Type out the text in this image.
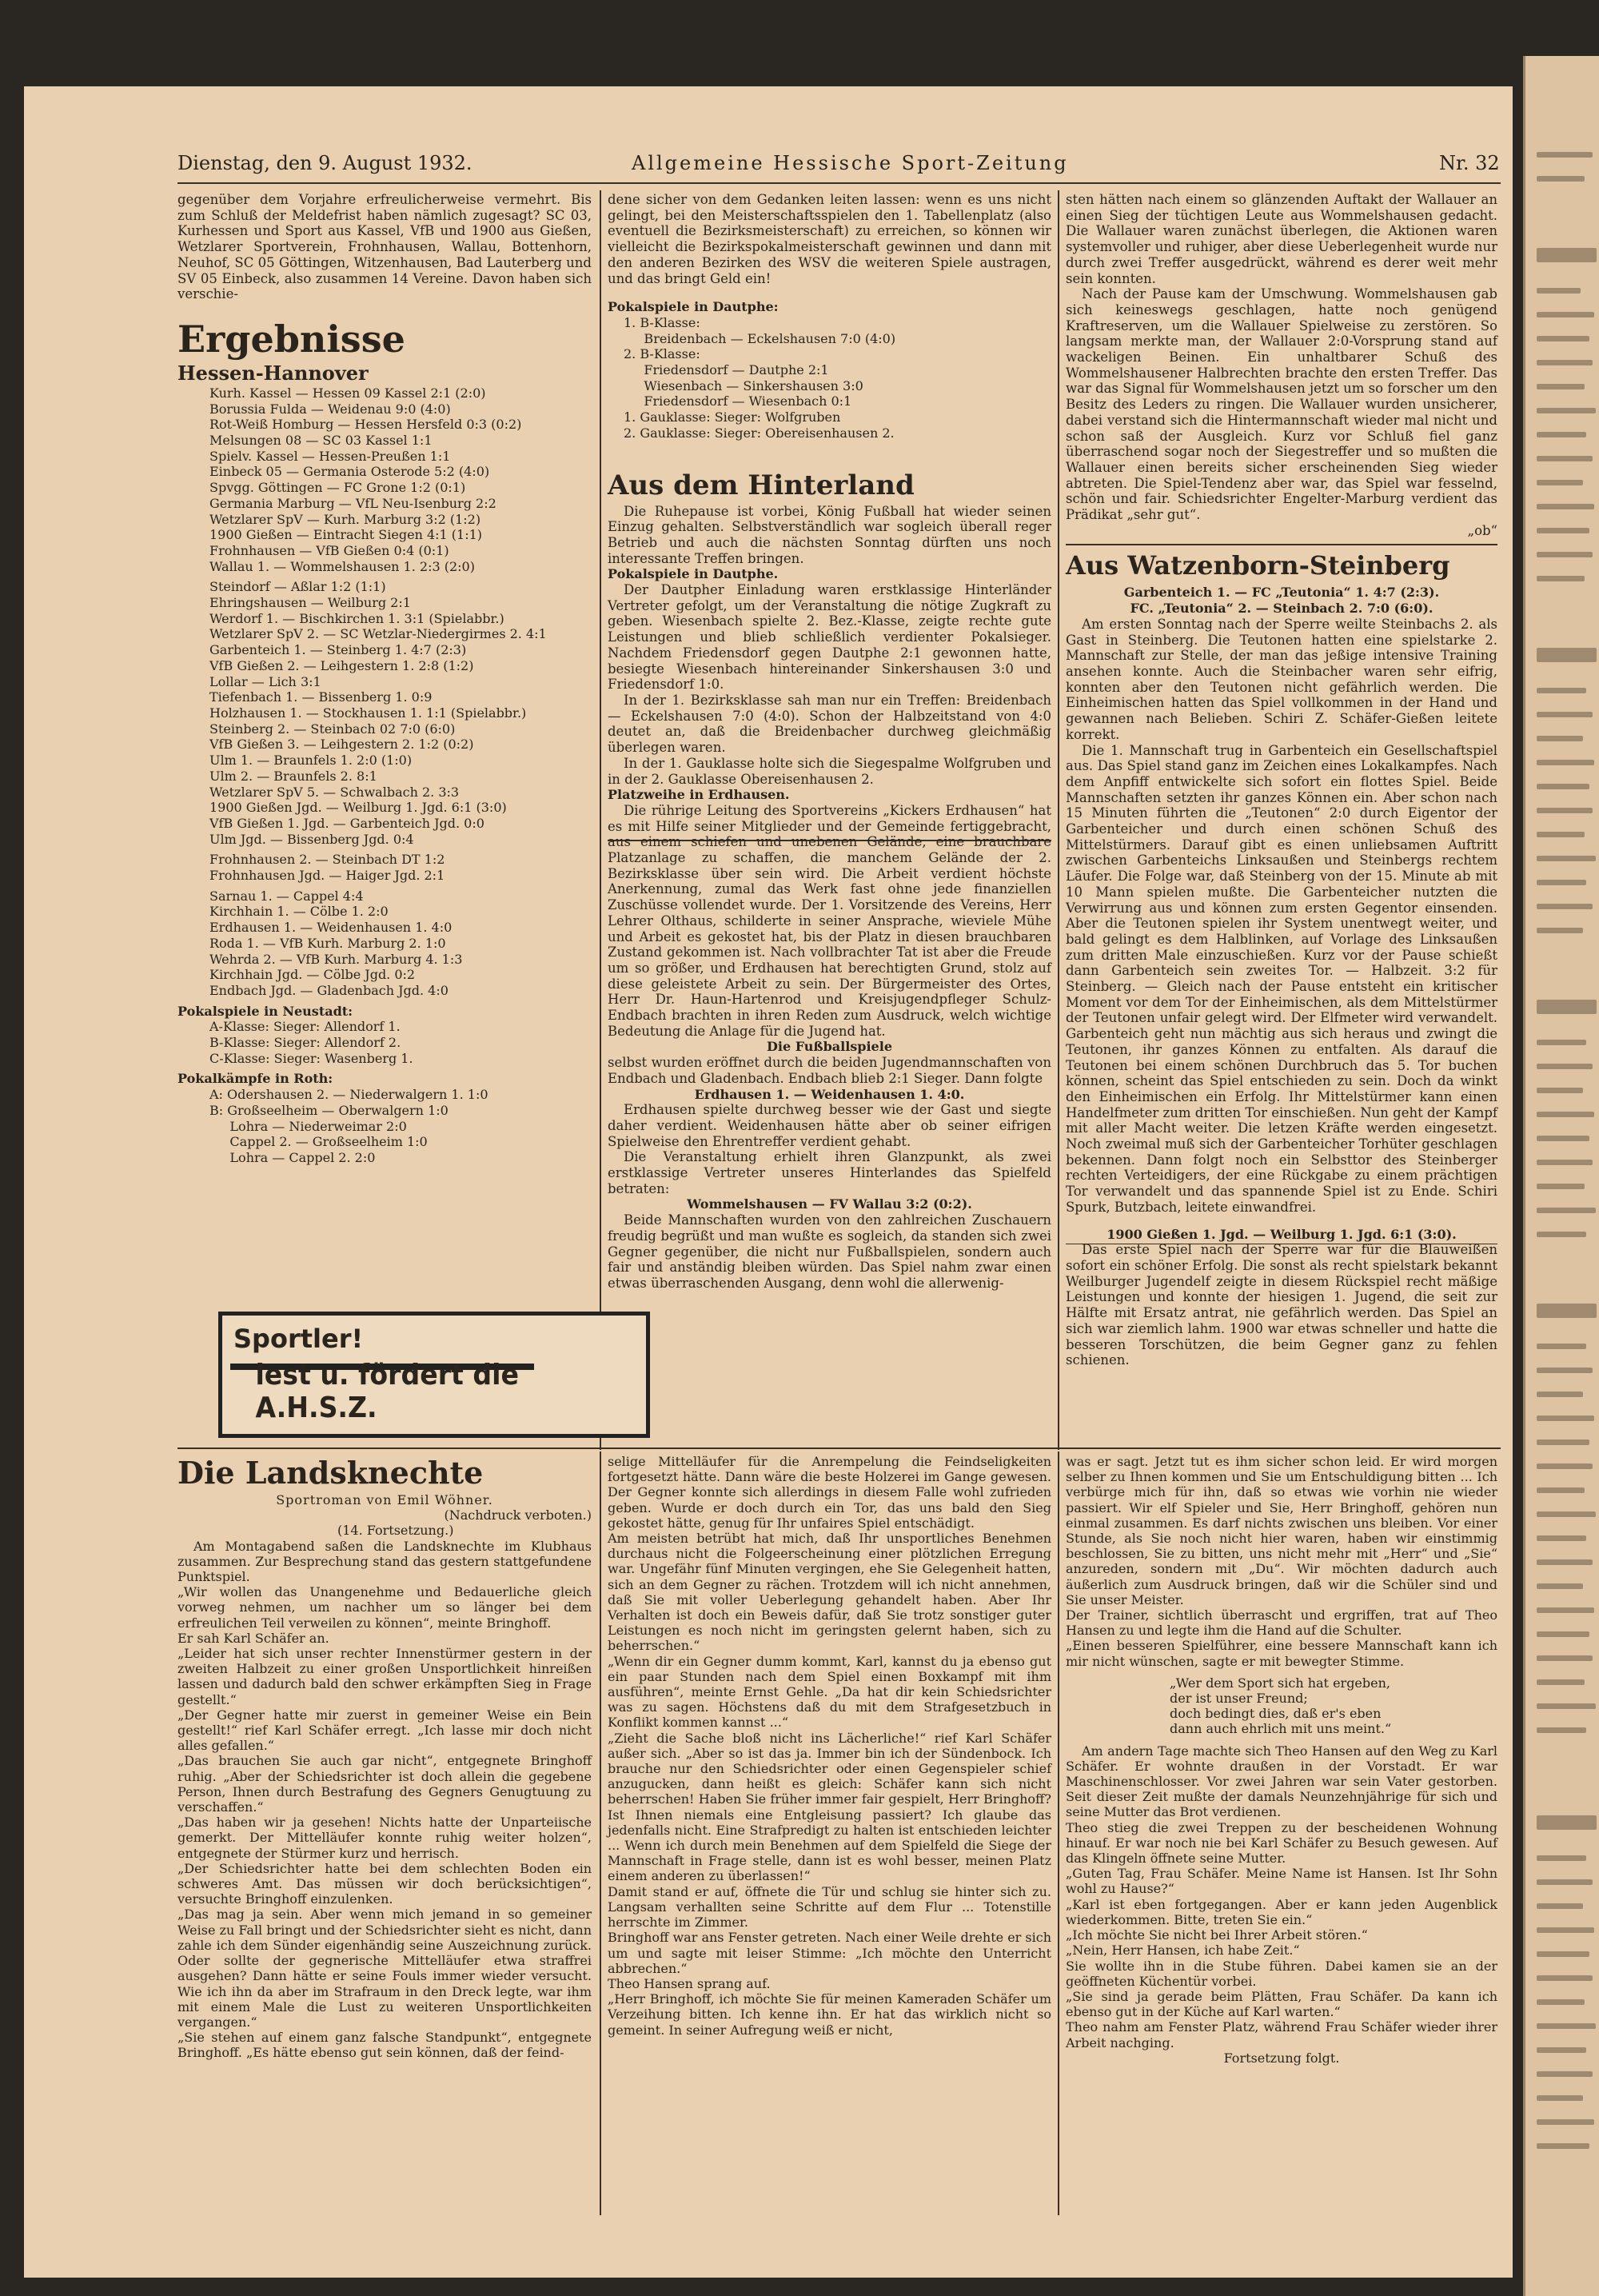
Dienstag, den 9. August 1932.	Allgemeine Hessische Sport-Zeitung	Nr. 32

gegenüber dem Vorjahre erfreulicherweise vermehrt. Bis zum Schluß der Meldefrist haben nämlich zugesagt? SC 03, Kurhessen und Sport aus Kassel, VfB und 1900 aus Gießen, Wetzlarer Sportverein, Frohnhausen, Wallau, Bottenhorn, Neuhof, SC 05 Göttingen, Witzenhausen, Bad Lauterberg und SV 05 Einbeck, also zusammen 14 Vereine. Davon haben sich verschie-

Ergebnisse
Hessen-Hannover
Kurh. Kassel — Hessen 09 Kassel 2:1 (2:0)
Borussia Fulda — Weidenau 9:0 (4:0)
Rot-Weiß Homburg — Hessen Hersfeld 0:3 (0:2)
Melsungen 08 — SC 03 Kassel 1:1
Spielv. Kassel — Hessen-Preußen 1:1
Einbeck 05 — Germania Osterode 5:2 (4:0)
Spvgg. Göttingen — FC Grone 1:2 (0:1)
Germania Marburg — VfL Neu-Isenburg 2:2
Wetzlarer SpV — Kurh. Marburg 3:2 (1:2)
1900 Gießen — Eintracht Siegen 4:1 (1:1)
Frohnhausen — VfB Gießen 0:4 (0:1)
Wallau 1. — Wommelshausen 1. 2:3 (2:0)
Steindorf — Aßlar 1:2 (1:1)
Ehringshausen — Weilburg 2:1
Werdorf 1. — Bischkirchen 1. 3:1 (Spielabbr.)
Wetzlarer SpV 2. — SC Wetzlar-Niedergirmes 2. 4:1
Garbenteich 1. — Steinberg 1. 4:7 (2:3)
VfB Gießen 2. — Leihgestern 1. 2:8 (1:2)
Lollar — Lich 3:1
Tiefenbach 1. — Bissenberg 1. 0:9
Holzhausen 1. — Stockhausen 1. 1:1 (Spielabbr.)
Steinberg 2. — Steinbach 02 7:0 (6:0)
VfB Gießen 3. — Leihgestern 2. 1:2 (0:2)
Ulm 1. — Braunfels 1. 2:0 (1:0)
Ulm 2. — Braunfels 2. 8:1
Wetzlarer SpV 5. — Schwalbach 2. 3:3
1900 Gießen Jgd. — Weilburg 1. Jgd. 6:1 (3:0)
VfB Gießen 1. Jgd. — Garbenteich Jgd. 0:0
Ulm Jgd. — Bissenberg Jgd. 0:4
Frohnhausen 2. — Steinbach DT 1:2
Frohnhausen Jgd. — Haiger Jgd. 2:1
Sarnau 1. — Cappel 4:4
Kirchhain 1. — Cölbe 1. 2:0
Erdhausen 1. — Weidenhausen 1. 4:0
Roda 1. — VfB Kurh. Marburg 2. 1:0
Wehrda 2. — VfB Kurh. Marburg 4. 1:3
Kirchhain Jgd. — Cölbe Jgd. 0:2
Endbach Jgd. — Gladenbach Jgd. 4:0
Pokalspiele in Neustadt:
A-Klasse: Sieger: Allendorf 1.
B-Klasse: Sieger: Allendorf 2.
C-Klasse: Sieger: Wasenberg 1.
Pokalkämpfe in Roth:
A: Odershausen 2. — Niederwalgern 1. 1:0
B: Großseelheim — Oberwalgern 1:0
Lohra — Niederweimar 2:0
Cappel 2. — Großseelheim 1:0
Lohra — Cappel 2. 2:0
Sportler!
lest u. fördert die A.H.S.Z.

dene sicher von dem Gedanken leiten lassen: wenn es uns nicht gelingt, bei den Meisterschaftsspielen den 1. Tabellenplatz (also eventuell die Bezirksmeisterschaft) zu erreichen, so können wir vielleicht die Bezirkspokalmeisterschaft gewinnen und dann mit den anderen Bezirken des WSV die weiteren Spiele austragen, und das bringt Geld ein!

Pokalspiele in Dautphe:
1. B-Klasse:
Breidenbach — Eckelshausen 7:0 (4:0)
2. B-Klasse:
Friedensdorf — Dautphe 2:1
Wiesenbach — Sinkershausen 3:0
Friedensdorf — Wiesenbach 0:1
1. Gauklasse: Sieger: Wolfgruben
2. Gauklasse: Sieger: Obereisenhausen 2.
Aus dem Hinterland

Die Ruhepause ist vorbei, König Fußball hat wieder seinen Einzug gehalten. Selbstverständlich war sogleich überall reger Betrieb und auch die nächsten Sonntag dürften uns noch interessante Treffen bringen.

Pokalspiele in Dautphe.

Der Dautpher Einladung waren erstklassige Hinterländer Vertreter gefolgt, um der Veranstaltung die nötige Zugkraft zu geben. Wiesenbach spielte 2. Bez.-Klasse, zeigte rechte gute Leistungen und blieb schließlich verdienter Pokalsieger. Nachdem Friedensdorf gegen Dautphe 2:1 gewonnen hatte, besiegte Wiesenbach hintereinander Sinkershausen 3:0 und Friedensdorf 1:0.

In der 1. Bezirksklasse sah man nur ein Treffen: Breidenbach — Eckelshausen 7:0 (4:0). Schon der Halbzeitstand von 4:0 deutet an, daß die Breidenbacher durchweg gleichmäßig überlegen waren.

In der 1. Gauklasse holte sich die Siegespalme Wolfgruben und in der 2. Gauklasse Obereisenhausen 2.

Platzweihe in Erdhausen.

Die rührige Leitung des Sportvereins „Kickers Erdhausen“ hat es mit Hilfe seiner Mitglieder und der Gemeinde fertiggebracht, aus einem schiefen und unebenen Gelände, eine brauchbare Platzanlage zu schaffen, die manchem Gelände der 2. Bezirksklasse über sein wird. Die Arbeit verdient höchste Anerkennung, zumal das Werk fast ohne jede finanziellen Zuschüsse vollendet wurde. Der 1. Vorsitzende des Vereins, Herr Lehrer Olthaus, schilderte in seiner Ansprache, wieviele Mühe und Arbeit es gekostet hat, bis der Platz in diesen brauchbaren Zustand gekommen ist. Nach vollbrachter Tat ist aber die Freude um so größer, und Erdhausen hat berechtigten Grund, stolz auf diese geleistete Arbeit zu sein. Der Bürgermeister des Ortes, Herr Dr. Haun-Hartenrod und Kreisjugendpfleger Schulz-Endbach brachten in ihren Reden zum Ausdruck, welch wichtige Bedeutung die Anlage für die Jugend hat.

Die Fußballspiele

selbst wurden eröffnet durch die beiden Jugendmannschaften von Endbach und Gladenbach. Endbach blieb 2:1 Sieger. Dann folgte

Erdhausen 1. — Weidenhausen 1. 4:0.

Erdhausen spielte durchweg besser wie der Gast und siegte daher verdient. Weidenhausen hätte aber ob seiner eifrigen Spielweise den Ehrentreffer verdient gehabt.

Die Veranstaltung erhielt ihren Glanzpunkt, als zwei erstklassige Vertreter unseres Hinterlandes das Spielfeld betraten:

Wommelshausen — FV Wallau 3:2 (0:2).

Beide Mannschaften wurden von den zahlreichen Zuschauern freudig begrüßt und man wußte es sogleich, da standen sich zwei Gegner gegenüber, die nicht nur Fußballspielen, sondern auch fair und anständig bleiben würden. Das Spiel nahm zwar einen etwas überraschenden Ausgang, denn wohl die allerwenig-

sten hätten nach einem so glänzenden Auftakt der Wallauer an einen Sieg der tüchtigen Leute aus Wommelshausen gedacht. Die Wallauer waren zunächst überlegen, die Aktionen waren systemvoller und ruhiger, aber diese Ueberlegenheit wurde nur durch zwei Treffer ausgedrückt, während es derer weit mehr sein konnten.

Nach der Pause kam der Umschwung. Wommelshausen gab sich keineswegs geschlagen, hatte noch genügend Kraftreserven, um die Wallauer Spielweise zu zerstören. So langsam merkte man, der Wallauer 2:0-Vorsprung stand auf wackeligen Beinen. Ein unhaltbarer Schuß des Wommelshausener Halbrechten brachte den ersten Treffer. Das war das Signal für Wommelshausen jetzt um so forscher um den Besitz des Leders zu ringen. Die Wallauer wurden unsicherer, dabei verstand sich die Hintermannschaft wieder mal nicht und schon saß der Ausgleich. Kurz vor Schluß fiel ganz überraschend sogar noch der Siegestreffer und so mußten die Wallauer einen bereits sicher erscheinenden Sieg wieder abtreten. Die Spiel-Tendenz aber war, das Spiel war fesselnd, schön und fair. Schiedsrichter Engelter-Marburg verdient das Prädikat „sehr gut“.

„ob“
Aus Watzenborn-Steinberg
Garbenteich 1. — FC „Teutonia“ 1. 4:7 (2:3).
FC. „Teutonia“ 2. — Steinbach 2. 7:0 (6:0).

Am ersten Sonntag nach der Sperre weilte Steinbachs 2. als Gast in Steinberg. Die Teutonen hatten eine spielstarke 2. Mannschaft zur Stelle, der man das jeßige intensive Training ansehen konnte. Auch die Steinbacher waren sehr eifrig, konnten aber den Teutonen nicht gefährlich werden. Die Einheimischen hatten das Spiel vollkommen in der Hand und gewannen nach Belieben. Schiri Z. Schäfer-Gießen leitete korrekt.

Die 1. Mannschaft trug in Garbenteich ein Gesellschaftspiel aus. Das Spiel stand ganz im Zeichen eines Lokalkampfes. Nach dem Anpfiff entwickelte sich sofort ein flottes Spiel. Beide Mannschaften setzten ihr ganzes Können ein. Aber schon nach 15 Minuten führten die „Teutonen“ 2:0 durch Eigentor der Garbenteicher und durch einen schönen Schuß des Mittelstürmers. Darauf gibt es einen unliebsamen Auftritt zwischen Garbenteichs Linksaußen und Steinbergs rechtem Läufer. Die Folge war, daß Steinberg von der 15. Minute ab mit 10 Mann spielen mußte. Die Garbenteicher nutzten die Verwirrung aus und können zum ersten Gegentor einsenden. Aber die Teutonen spielen ihr System unentwegt weiter, und bald gelingt es dem Halblinken, auf Vorlage des Linksaußen zum dritten Male einzuschießen. Kurz vor der Pause schießt dann Garbenteich sein zweites Tor. — Halbzeit. 3:2 für Steinberg. — Gleich nach der Pause entsteht ein kritischer Moment vor dem Tor der Einheimischen, als dem Mittelstürmer der Teutonen unfair gelegt wird. Der Elfmeter wird verwandelt. Garbenteich geht nun mächtig aus sich heraus und zwingt die Teutonen, ihr ganzes Können zu entfalten. Als darauf die Teutonen bei einem schönen Durchbruch das 5. Tor buchen können, scheint das Spiel entschieden zu sein. Doch da winkt den Einheimischen ein Erfolg. Ihr Mittelstürmer kann einen Handelfmeter zum dritten Tor einschießen. Nun geht der Kampf mit aller Macht weiter. Die letzen Kräfte werden eingesetzt. Noch zweimal muß sich der Garbenteicher Torhüter geschlagen bekennen. Dann folgt noch ein Selbsttor des Steinberger rechten Verteidigers, der eine Rückgabe zu einem prächtigen Tor verwandelt und das spannende Spiel ist zu Ende. Schiri Spurk, Butzbach, leitete einwandfrei.

1900 Gießen 1. Jgd. — Weilburg 1. Jgd. 6:1 (3:0).

Das erste Spiel nach der Sperre war für die Blauweißen sofort ein schöner Erfolg. Die sonst als recht spielstark bekannt Weilburger Jugendelf zeigte in diesem Rückspiel recht mäßige Leistungen und konnte der hiesigen 1. Jugend, die seit zur Hälfte mit Ersatz antrat, nie gefährlich werden. Das Spiel an sich war ziemlich lahm. 1900 war etwas schneller und hatte die besseren Torschützen, die beim Gegner ganz zu fehlen schienen.

Die Landsknechte
Sportroman von Emil Wöhner.
(Nachdruck verboten.)
(14. Fortsetzung.)

Am Montagabend saßen die Landsknechte im Klubhaus zusammen. Zur Besprechung stand das gestern stattgefundene Punktspiel.
„Wir wollen das Unangenehme und Bedauerliche gleich vorweg nehmen, um nachher um so länger bei dem erfreulichen Teil verweilen zu können“, meinte Bringhoff.
Er sah Karl Schäfer an.
„Leider hat sich unser rechter Innenstürmer gestern in der zweiten Halbzeit zu einer großen Unsportlichkeit hinreißen lassen und dadurch bald den schwer erkämpften Sieg in Frage gestellt.“
„Der Gegner hatte mir zuerst in gemeiner Weise ein Bein gestellt!“ rief Karl Schäfer erregt. „Ich lasse mir doch nicht alles gefallen.“
„Das brauchen Sie auch gar nicht“, entgegnete Bringhoff ruhig. „Aber der Schiedsrichter ist doch allein die gegebene Person, Ihnen durch Bestrafung des Gegners Genugtuung zu verschaffen.“
„Das haben wir ja gesehen! Nichts hatte der Unparteiische gemerkt. Der Mittelläufer konnte ruhig weiter holzen“, entgegnete der Stürmer kurz und herrisch.
„Der Schiedsrichter hatte bei dem schlechten Boden ein schweres Amt. Das müssen wir doch berücksichtigen“, versuchte Bringhoff einzulenken.
„Das mag ja sein. Aber wenn mich jemand in so gemeiner Weise zu Fall bringt und der Schiedsrichter sieht es nicht, dann zahle ich dem Sünder eigenhändig seine Auszeichnung zurück. Oder sollte der gegnerische Mittelläufer etwa straffrei ausgehen? Dann hätte er seine Fouls immer wieder versucht. Wie ich ihn da aber im Strafraum in den Dreck legte, war ihm mit einem Male die Lust zu weiteren Unsportlichkeiten vergangen.“
„Sie stehen auf einem ganz falsche Standpunkt“, entgegnete Bringhoff. „Es hätte ebenso gut sein können, daß der feind-

selige Mittelläufer für die Anrempelung die Feindseligkeiten fortgesetzt hätte. Dann wäre die beste Holzerei im Gange gewesen. Der Gegner konnte sich allerdings in diesem Falle wohl zufrieden geben. Wurde er doch durch ein Tor, das uns bald den Sieg gekostet hätte, genug für Ihr unfaires Spiel entschädigt.
Am meisten betrübt hat mich, daß Ihr unsportliches Benehmen durchaus nicht die Folgeerscheinung einer plötzlichen Erregung war. Ungefähr fünf Minuten vergingen, ehe Sie Gelegenheit hatten, sich an dem Gegner zu rächen. Trotzdem will ich nicht annehmen, daß Sie mit voller Ueberlegung gehandelt haben. Aber Ihr Verhalten ist doch ein Beweis dafür, daß Sie trotz sonstiger guter Leistungen es noch nicht im geringsten gelernt haben, sich zu beherrschen.“
„Wenn dir ein Gegner dumm kommt, Karl, kannst du ja ebenso gut ein paar Stunden nach dem Spiel einen Boxkampf mit ihm ausführen“, meinte Ernst Gehle. „Da hat dir kein Schiedsrichter was zu sagen. Höchstens daß du mit dem Strafgesetzbuch in Konflikt kommen kannst ...“
„Zieht die Sache bloß nicht ins Lächerliche!“ rief Karl Schäfer außer sich. „Aber so ist das ja. Immer bin ich der Sündenbock. Ich brauche nur den Schiedsrichter oder einen Gegenspieler schief anzugucken, dann heißt es gleich: Schäfer kann sich nicht beherrschen! Haben Sie früher immer fair gespielt, Herr Bringhoff? Ist Ihnen niemals eine Entgleisung passiert? Ich glaube das jedenfalls nicht. Eine Strafpredigt zu halten ist entschieden leichter ... Wenn ich durch mein Benehmen auf dem Spielfeld die Siege der Mannschaft in Frage stelle, dann ist es wohl besser, meinen Platz einem anderen zu überlassen!“
Damit stand er auf, öffnete die Tür und schlug sie hinter sich zu. Langsam verhallten seine Schritte auf dem Flur ... Totenstille herrschte im Zimmer.
Bringhoff war ans Fenster getreten. Nach einer Weile drehte er sich um und sagte mit leiser Stimme: „Ich möchte den Unterricht abbrechen.“
Theo Hansen sprang auf.
„Herr Bringhoff, ich möchte Sie für meinen Kameraden Schäfer um Verzeihung bitten. Ich kenne ihn. Er hat das wirklich nicht so gemeint. In seiner Aufregung weiß er nicht,

was er sagt. Jetzt tut es ihm sicher schon leid. Er wird morgen selber zu Ihnen kommen und Sie um Entschuldigung bitten ... Ich verbürge mich für ihn, daß so etwas wie vorhin nie wieder passiert. Wir elf Spieler und Sie, Herr Bringhoff, gehören nun einmal zusammen. Es darf nichts zwischen uns bleiben. Vor einer Stunde, als Sie noch nicht hier waren, haben wir einstimmig beschlossen, Sie zu bitten, uns nicht mehr mit „Herr“ und „Sie“ anzureden, sondern mit „Du“. Wir möchten dadurch auch äußerlich zum Ausdruck bringen, daß wir die Schüler sind und Sie unser Meister.
Der Trainer, sichtlich überrascht und ergriffen, trat auf Theo Hansen zu und legte ihm die Hand auf die Schulter.
„Einen besseren Spielführer, eine bessere Mannschaft kann ich mir nicht wünschen, sagte er mit bewegter Stimme.

„Wer dem Sport sich hat ergeben,
der ist unser Freund;
doch bedingt dies, daß er's eben
dann auch ehrlich mit uns meint.“

Am andern Tage machte sich Theo Hansen auf den Weg zu Karl Schäfer. Er wohnte draußen in der Vorstadt. Er war Maschinenschlosser. Vor zwei Jahren war sein Vater gestorben. Seit dieser Zeit mußte der damals Neunzehnjährige für sich und seine Mutter das Brot verdienen.
Theo stieg die zwei Treppen zu der bescheidenen Wohnung hinauf. Er war noch nie bei Karl Schäfer zu Besuch gewesen. Auf das Klingeln öffnete seine Mutter.
„Guten Tag, Frau Schäfer. Meine Name ist Hansen. Ist Ihr Sohn wohl zu Hause?“
„Karl ist eben fortgegangen. Aber er kann jeden Augenblick wiederkommen. Bitte, treten Sie ein.“
„Ich möchte Sie nicht bei Ihrer Arbeit stören.“
„Nein, Herr Hansen, ich habe Zeit.“
Sie wollte ihn in die Stube führen. Dabei kamen sie an der geöffneten Küchentür vorbei.
„Sie sind ja gerade beim Plätten, Frau Schäfer. Da kann ich ebenso gut in der Küche auf Karl warten.“
Theo nahm am Fenster Platz, während Frau Schäfer wieder ihrer Arbeit nachging.

Fortsetzung folgt.
